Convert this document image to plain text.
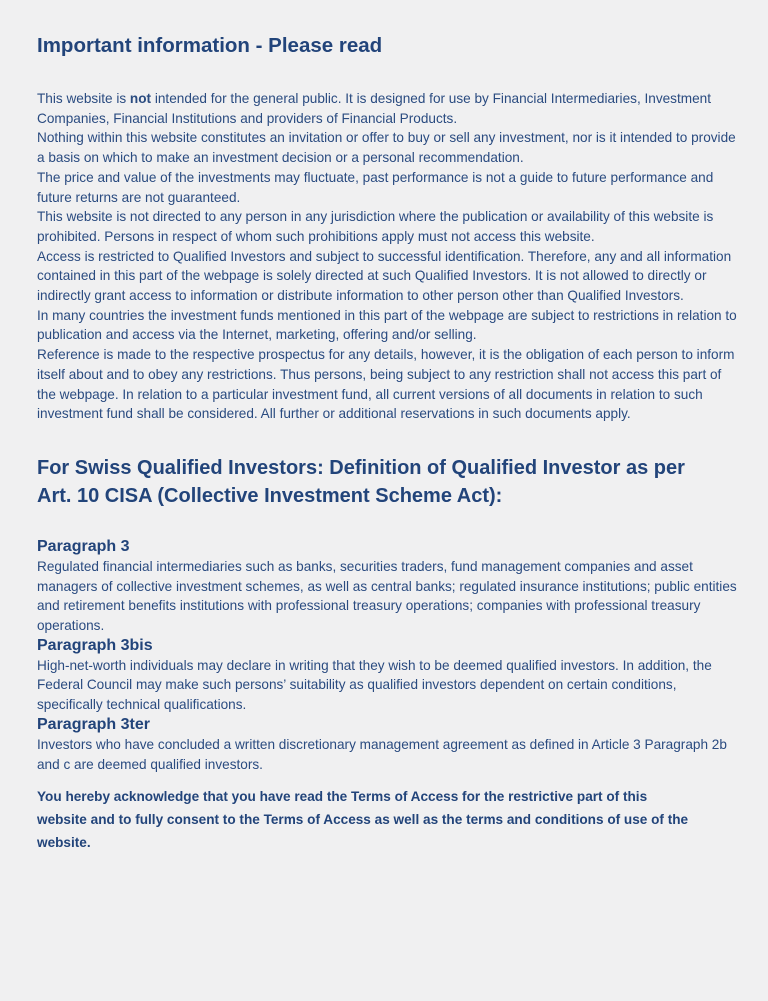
Important information - Please read

This website is not intended for the general public. It is designed for use by Financial Intermediaries, Investment Companies, Financial Institutions and providers of Financial Products.

Nothing within this website constitutes an invitation or offer to buy or sell any investment, nor is it intended to provide a basis on which to make an investment decision or a personal recommendation.

The price and value of the investments may fluctuate, past performance is not a guide to future performance and future returns are not guaranteed.

This website is not directed to any person in any jurisdiction where the publication or availability of this website is prohibited. Persons in respect of whom such prohibitions apply must not access this website.

Access is restricted to Qualified Investors and subject to successful identification. Therefore, any and all information contained in this part of the webpage is solely directed at such Qualified Investors. It is not allowed to directly or indirectly grant access to information or distribute information to other person other than Qualified Investors.

In many countries the investment funds mentioned in this part of the webpage are subject to restrictions in relation to publication and access via the Internet, marketing, offering and/or selling.

Reference is made to the respective prospectus for any details, however, it is the obligation of each person to inform itself about and to obey any restrictions. Thus persons, being subject to any restriction shall not access this part of the webpage. In relation to a particular investment fund, all current versions of all documents in relation to such investment fund shall be considered. All further or additional reservations in such documents apply.

For Swiss Qualified Investors: Definition of Qualified Investor as per Art. 10 CISA (Collective Investment Scheme Act):
Paragraph 3

Regulated financial intermediaries such as banks, securities traders, fund management companies and asset managers of collective investment schemes, as well as central banks; regulated insurance institutions; public entities and retirement benefits institutions with professional treasury operations; companies with professional treasury operations.

Paragraph 3bis

High-net-worth individuals may declare in writing that they wish to be deemed qualified investors. In addition, the Federal Council may make such persons’ suitability as qualified investors dependent on certain conditions, specifically technical qualifications.

Paragraph 3ter

Investors who have concluded a written discretionary management agreement as defined in Article 3 Paragraph 2b and c are deemed qualified investors.

You hereby acknowledge that you have read the Terms of Access for the restrictive part of this website and to fully consent to the Terms of Access as well as the terms and conditions of use of the website.
